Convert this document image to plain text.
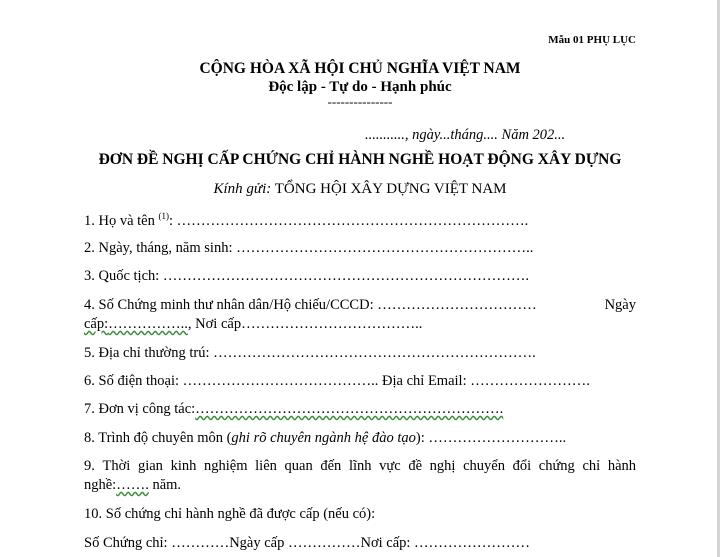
Mẫu 01 PHỤ LỤC
CỘNG HÒA XÃ HỘI CHỦ NGHĨA VIỆT NAM
Độc lập - Tự do - Hạnh phúc
---------------
..........., ngày...tháng.... Năm 202...
ĐƠN ĐỀ NGHỊ CẤP CHỨNG CHỈ HÀNH NGHỀ HOẠT ĐỘNG XÂY DỰNG
Kính gửi: TỔNG HỘI XÂY DỰNG VIỆT NAM
1. Họ và tên $^{(1)}$: ……………………………………………………………….
2. Ngày, tháng, năm sinh: ……………………………………………………..
3. Quốc tịch: ………………………………………………………………….
4. Số Chứng minh thư nhân dân/Hộ chiếu/CCCD: ……………………………	Ngày
cấp:…………….., Nơi cấp………………………………..
5. Địa chỉ thường trú: ………………………………………………………….
6. Số điện thoại: ………………………………….. Địa chỉ Email: …………………….
7. Đơn vị công tác:……………………………………………………….
8. Trình độ chuyên môn (ghi rõ chuyên ngành hệ đào tạo): ………………………..
9. Thời gian kinh nghiệm liên quan đến lĩnh vực đề nghị chuyển đổi chứng chỉ hành
nghề:……. năm.
10. Số chứng chỉ hành nghề đã được cấp (nếu có):
Số Chứng chỉ: …………Ngày cấp ……………Nơi cấp: ……………………
